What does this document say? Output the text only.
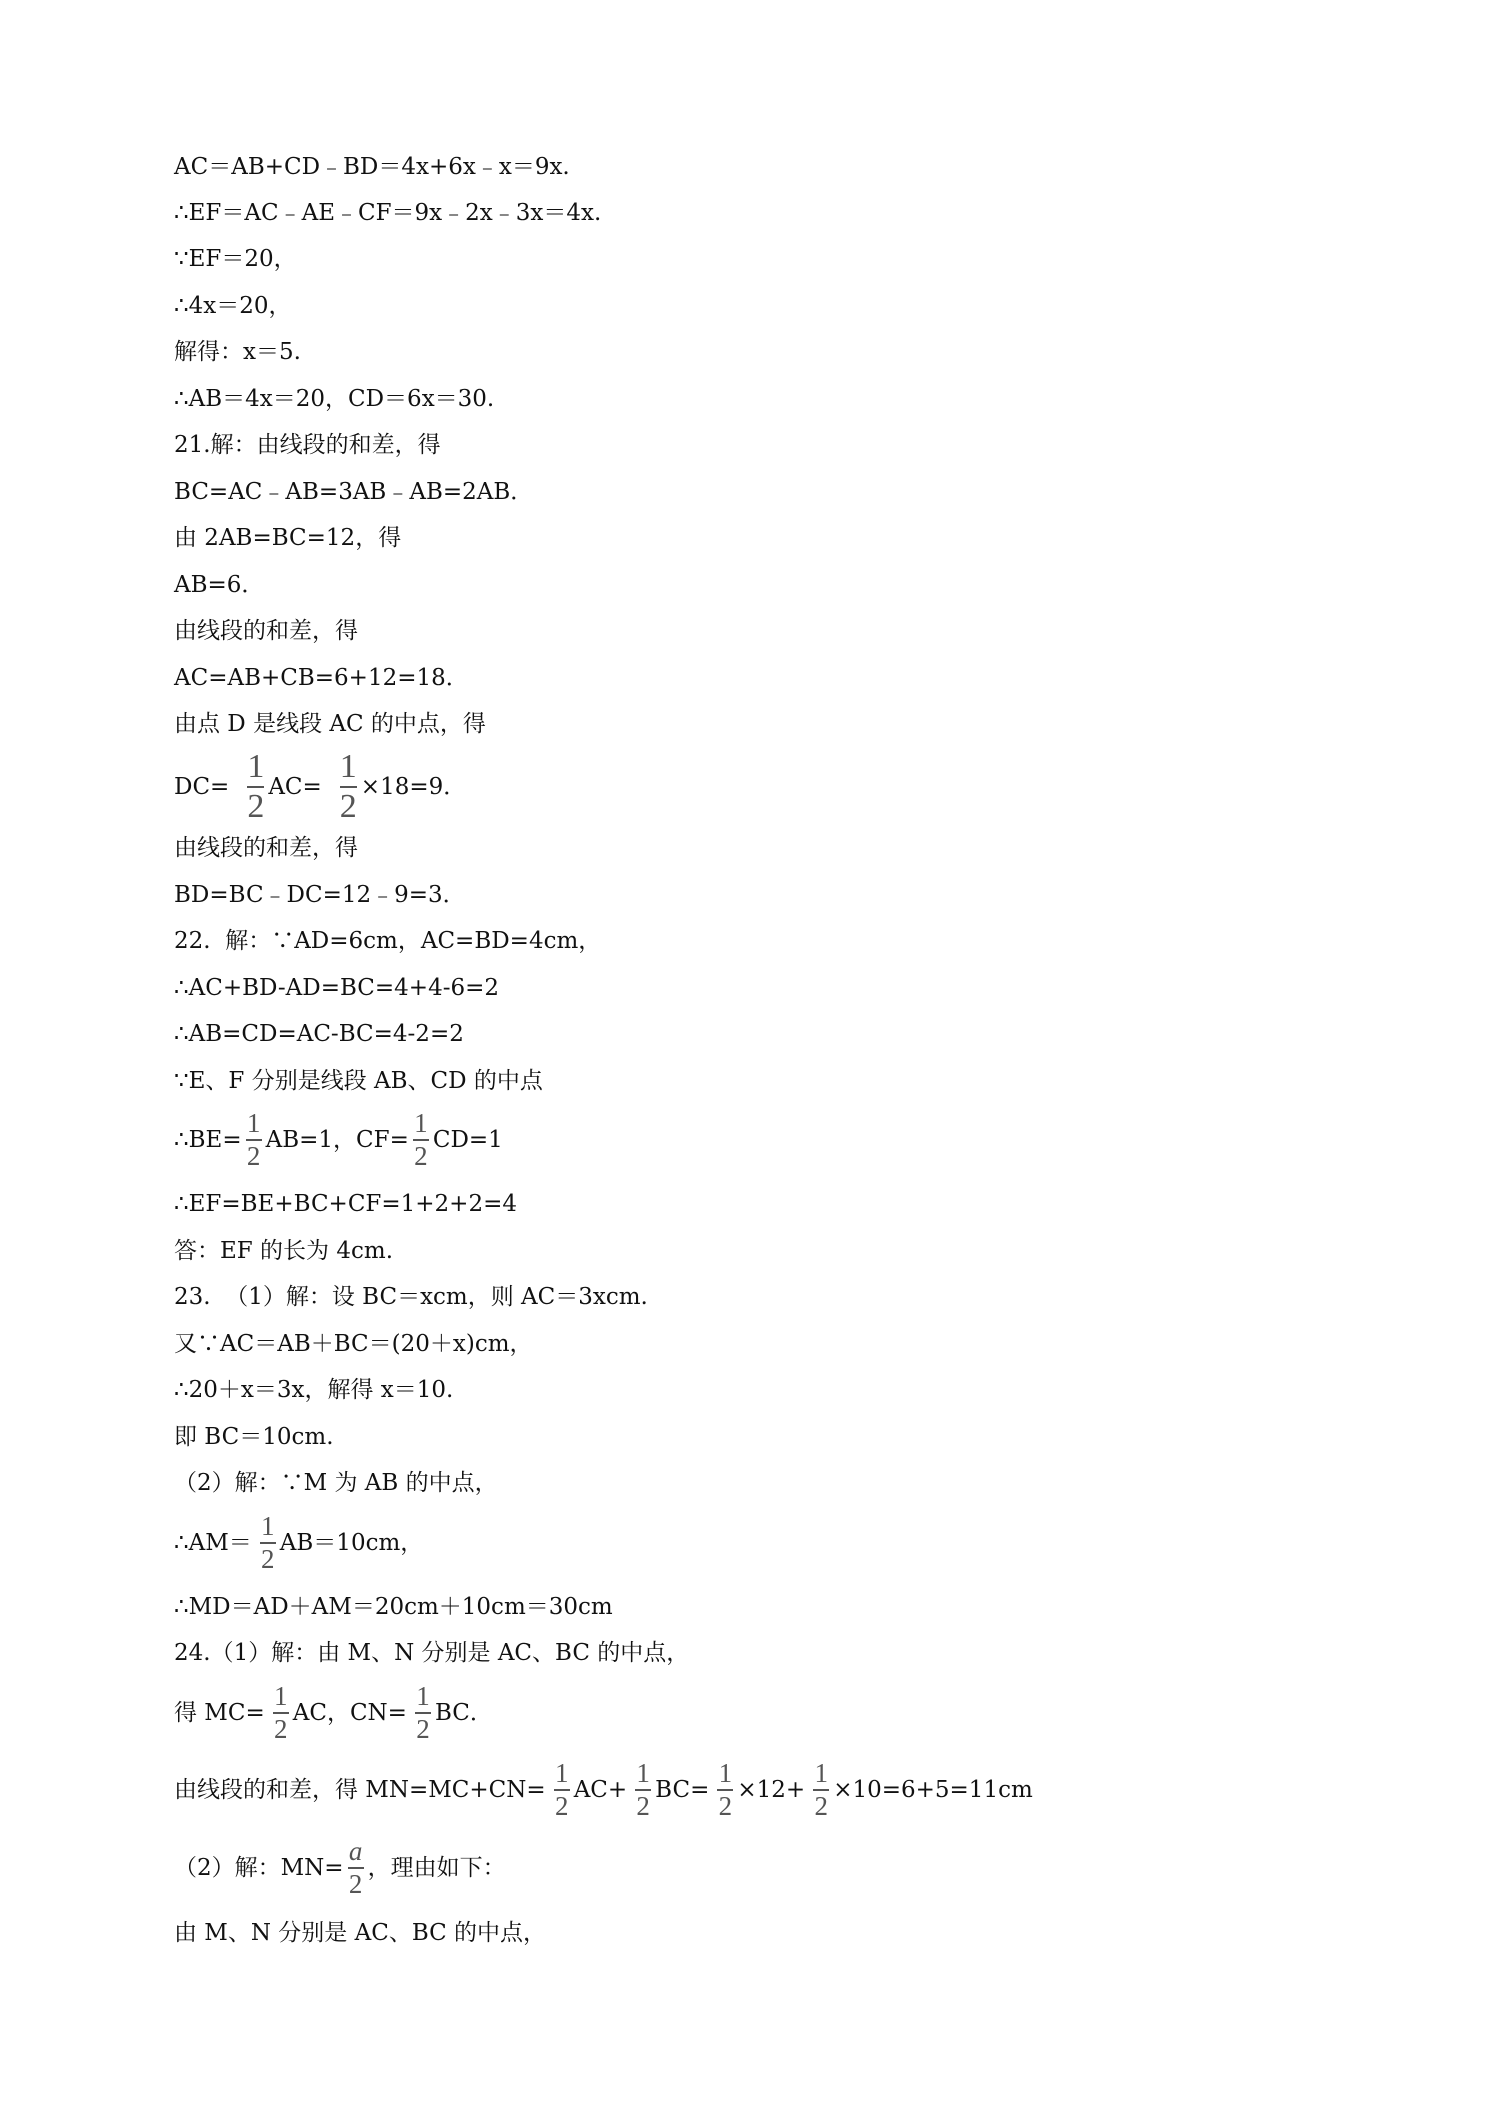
AC＝AB+CD﹣BD＝4x+6x﹣x＝9x.
∴EF＝AC﹣AE﹣CF＝9x﹣2x﹣3x＝4x.
∵EF＝20，
∴4x＝20，
解得：x＝5.
∴AB＝4x＝20，CD＝6x＝30.
21.解：由线段的和差，得
BC=AC﹣AB=3AB﹣AB=2AB．
由 2AB=BC=12，得
AB=6．
由线段的和差，得
AC=AB+CB=6+12=18．
由点 D 是线段 AC 的中点，得
$DC= \frac{1}{2} AC= \frac{1}{2} \times 18=9$．
由线段的和差，得
BD=BC﹣DC=12﹣9=3．
22.  解：∵AD=6cm，AC=BD=4cm，
∴AC+BD-AD=BC=4+4-6=2
∴AB=CD=AC-BC=4-2=2
∵E、F 分别是线段 AB、CD 的中点
∴BE= $\frac{1}{2} AB=1$，$CF= \frac{1}{2} CD=1$
∴EF=BE+BC+CF=1+2+2=4
答：EF 的长为 4cm.
23.  （1）解：设 BC＝xcm，则 AC＝3xcm.
又∵AC＝AB＋BC＝(20＋x)cm，
∴20＋x＝3x，解得 x＝10.
即 BC＝10cm.
（2）解：∵M 为 AB 的中点，
∴AM＝ $\frac{1}{2} AB=10cm$，
∴MD＝AD＋AM＝20cm＋10cm＝30cm
24.（1）解：由 M、N 分别是 AC、BC 的中点，
得 $MC= \frac{1}{2}$ AC，$CN= \frac{1}{2}$ BC．
由线段的和差，得 $MN=MC+CN= \frac{1}{2} AC+ \frac{1}{2} BC= \frac{1}{2} \times 12+ \frac{1}{2} \times 10=6+5=11cm$
（2）解：$MN= \frac{a}{2}$ ，理由如下：
由 M、N 分别是 AC、BC 的中点，
